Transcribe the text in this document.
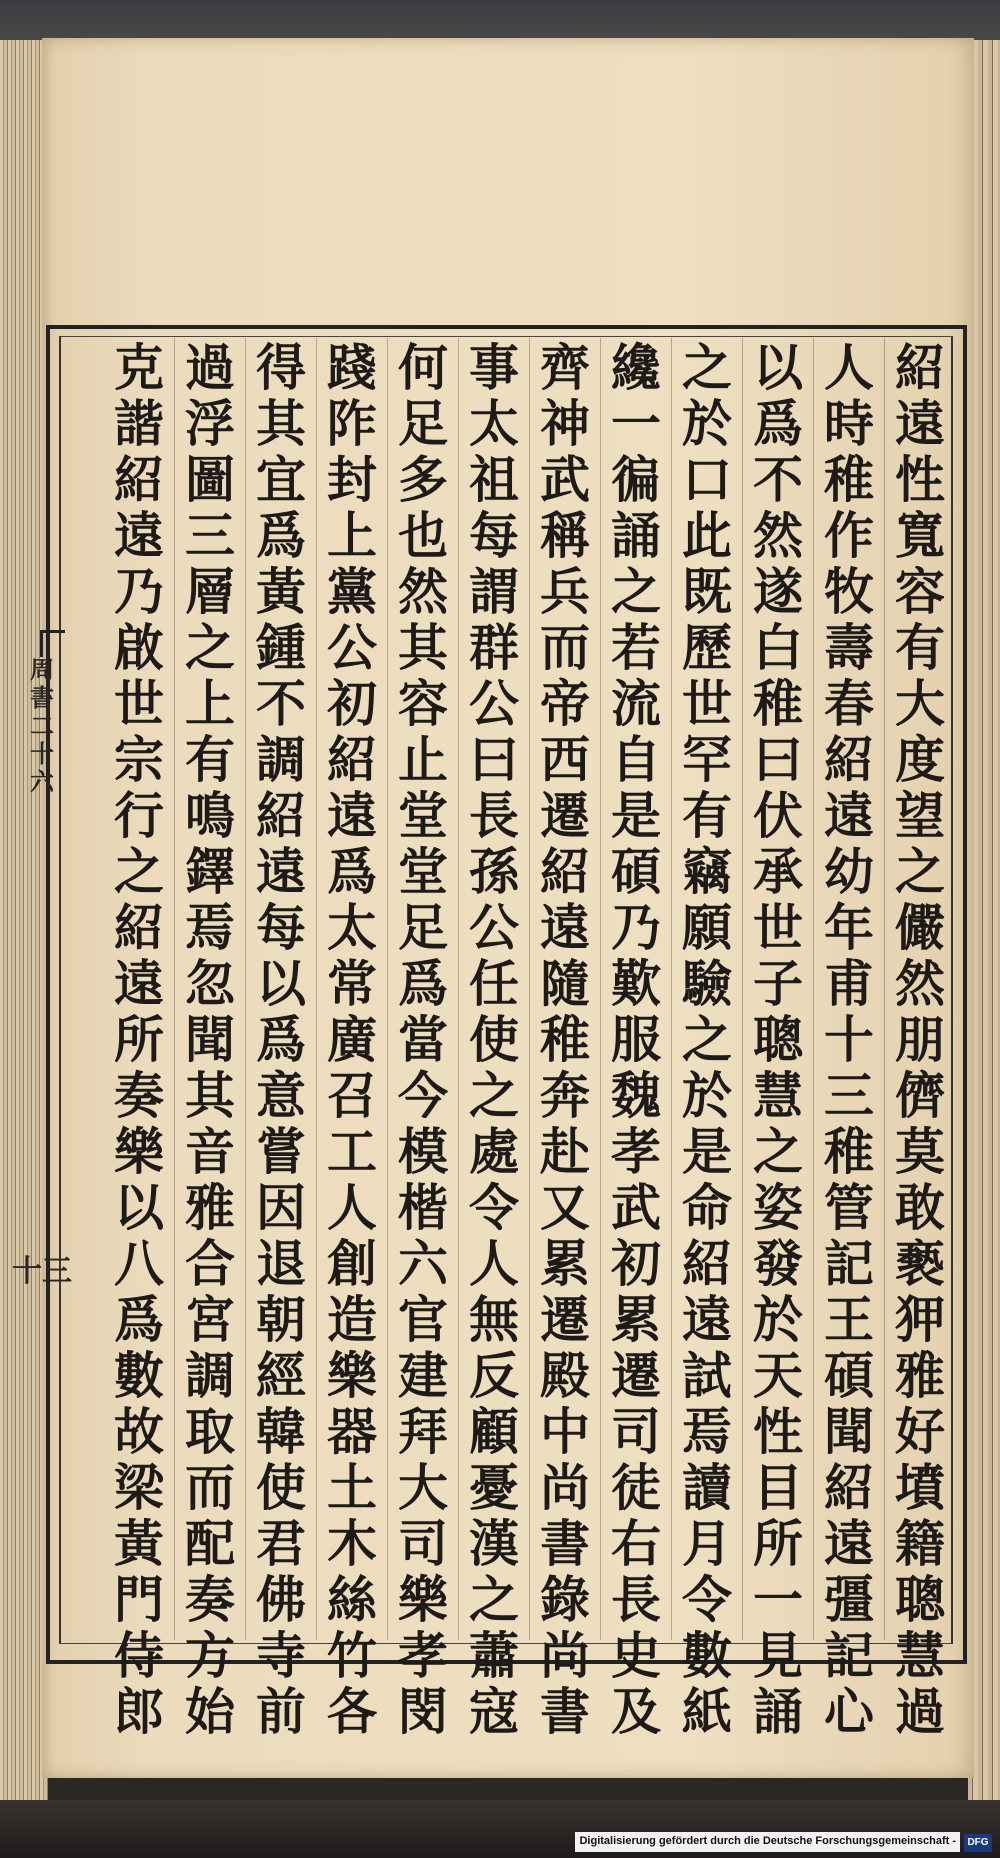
紹
遠
性
寬
容
有
大
度
望
之
儼
然
朋
儕
莫
敢
褻
狎
雅
好
墳
籍
聰
慧
過
人
時
稚
作
牧
壽
春
紹
遠
幼
年
甫
十
三
稚
管
記
王
碩
聞
紹
遠
彊
記
心
以
爲
不
然
遂
白
稚
曰
伏
承
世
子
聰
慧
之
姿
發
於
天
性
目
所
一
見
誦
之
於
口
此
既
歷
世
罕
有
竊
願
驗
之
於
是
命
紹
遠
試
焉
讀
月
令
數
紙
纔
一
徧
誦
之
若
流
自
是
碩
乃
歎
服
魏
孝
武
初
累
遷
司
徒
右
長
史
及
齊
神
武
稱
兵
而
帝
西
遷
紹
遠
隨
稚
奔
赴
又
累
遷
殿
中
尚
書
錄
尚
書
事
太
祖
每
謂
群
公
曰
長
孫
公
任
使
之
處
令
人
無
反
顧
憂
漢
之
蕭
寇
何
足
多
也
然
其
容
止
堂
堂
足
爲
當
今
模
楷
六
官
建
拜
大
司
樂
孝
閔
踐
阼
封
上
黨
公
初
紹
遠
爲
太
常
廣
召
工
人
創
造
樂
器
土
木
絲
竹
各
得
其
宜
爲
黃
鍾
不
調
紹
遠
每
以
爲
意
嘗
因
退
朝
經
韓
使
君
佛
寺
前
過
浮
圖
三
層
之
上
有
鳴
鐸
焉
忽
聞
其
音
雅
合
宮
調
取
而
配
奏
方
始
克
諧
紹
遠
乃
啟
世
宗
行
之
紹
遠
所
奏
樂
以
八
爲
數
故
梁
黃
門
侍
郎
周
書
二
十
六
十三
Digitalisierung gefördert durch die Deutsche Forschungsgemeinschaft -	DFG
